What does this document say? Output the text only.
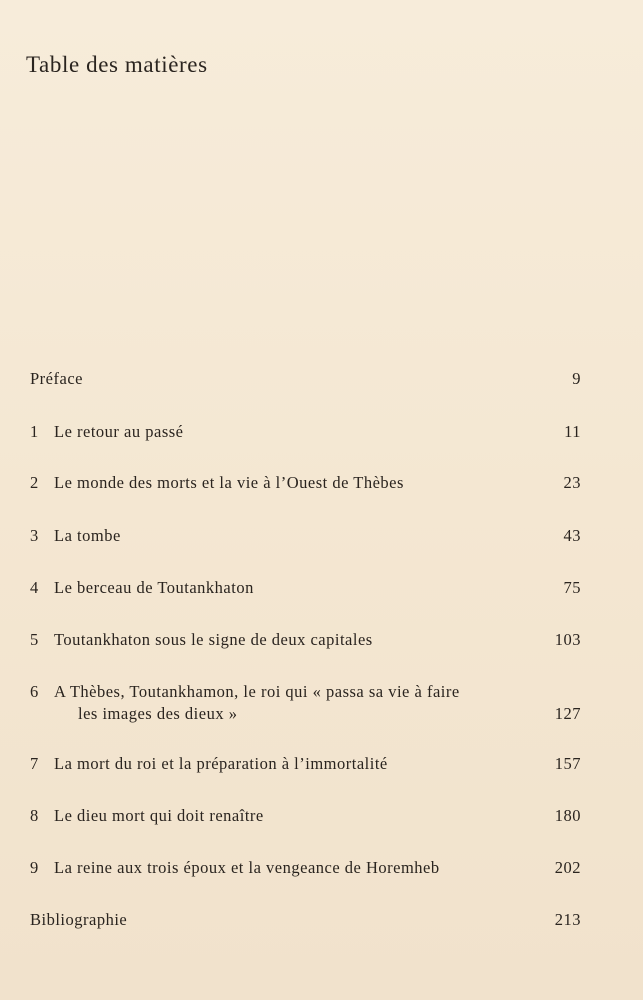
Table des matières
Préface	9
1 Le retour au passé	11
2 Le monde des morts et la vie à l’Ouest de Thèbes	23
3 La tombe	43
4 Le berceau de Toutankhaton	75
5 Toutankhaton sous le signe de deux capitales	103
6 A Thèbes, Toutankhamon, le roi qui « passa sa vie à faire
les images des dieux »	127
7 La mort du roi et la préparation à l’immortalité	157
8 Le dieu mort qui doit renaître	180
9 La reine aux trois époux et la vengeance de Horemheb	202
Bibliographie	213
